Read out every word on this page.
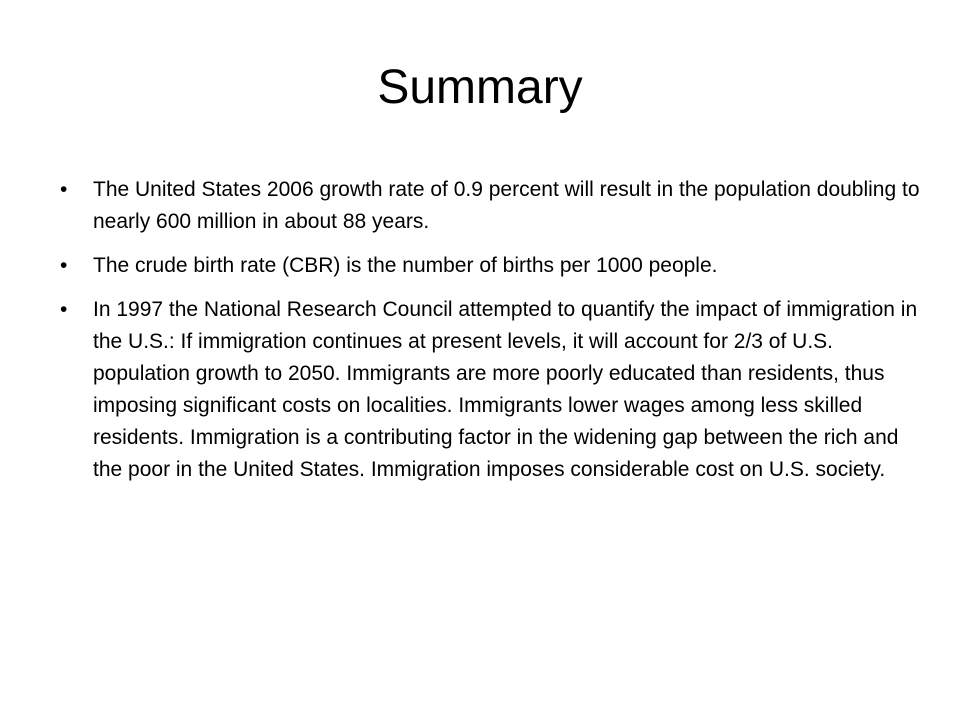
Summary
•	The United States 2006 growth rate of 0.9 percent will result in the population doubling to nearly 600 million in about 88 years.
•	The crude birth rate (CBR) is the number of births per 1000 people.
•	In 1997 the National Research Council attempted to quantify the impact of immigration in the U.S.: If immigration continues at present levels, it will account for 2/3 of U.S. population growth to 2050. Immigrants are more poorly educated than residents, thus imposing significant costs on localities. Immigrants lower wages among less skilled residents. Immigration is a contributing factor in the widening gap between the rich and the poor in the United States. Immigration imposes considerable cost on U.S. society.
